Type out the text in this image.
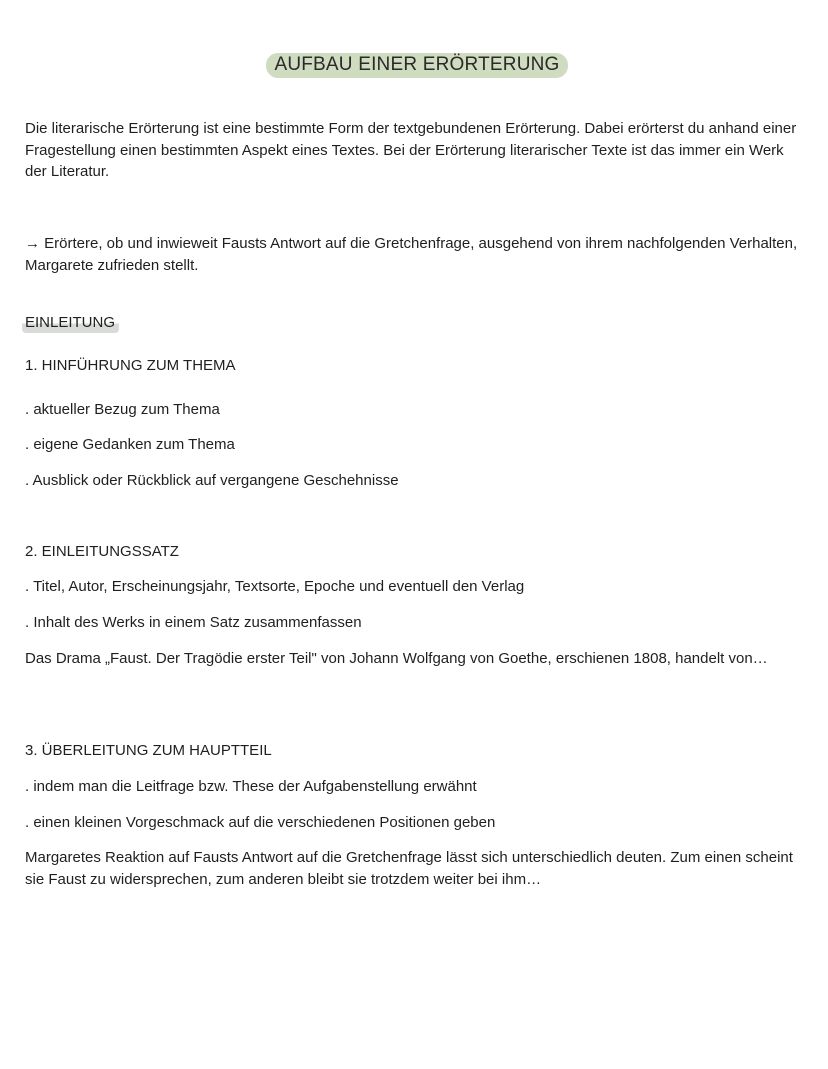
AUFBAU EINER ERÖRTERUNG

Die literarische Erörterung ist eine bestimmte Form der textgebundenen Erörterung. Dabei erörterst du anhand einer Fragestellung einen bestimmten Aspekt eines Textes. Bei der Erörterung literarischer Texte ist das immer ein Werk der Literatur.

→ Erörtere, ob und inwieweit Fausts Antwort auf die Gretchenfrage, ausgehend von ihrem nachfolgenden Verhalten, Margarete zufrieden stellt.

EINLEITUNG

1. HINFÜHRUNG ZUM THEMA

. aktueller Bezug zum Thema

. eigene Gedanken zum Thema

. Ausblick oder Rückblick auf vergangene Geschehnisse

2. EINLEITUNGSSATZ

. Titel, Autor, Erscheinungsjahr, Textsorte, Epoche und eventuell den Verlag

. Inhalt des Werks in einem Satz zusammenfassen

Das Drama „Faust. Der Tragödie erster Teil" von Johann Wolfgang von Goethe, erschienen 1808, handelt von…

3. ÜBERLEITUNG ZUM HAUPTTEIL

. indem man die Leitfrage bzw. These der Aufgabenstellung erwähnt

. einen kleinen Vorgeschmack auf die verschiedenen Positionen geben

Margaretes Reaktion auf Fausts Antwort auf die Gretchenfrage lässt sich unterschiedlich deuten. Zum einen scheint sie Faust zu widersprechen, zum anderen bleibt sie trotzdem weiter bei ihm…
